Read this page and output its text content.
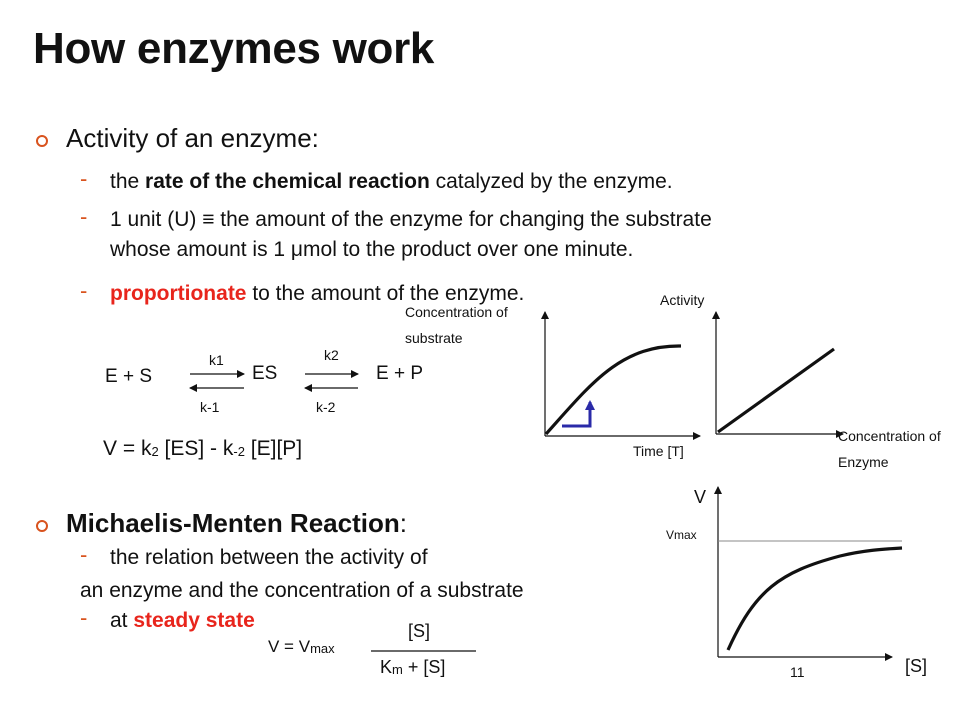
How enzymes work
Activity of an enzyme:
- the rate of the chemical reaction catalyzed by the enzyme.
- 1 unit (U) ≡ the amount of the enzyme for changing the substrate
whose amount is 1 μmol to the product over one minute.
- proportionate to the amount of the enzyme.
E + S	ES	E + P
k1
k-1
k2
k-2
$V = k_2$ $[ES] - k_{-2}$ [E][P]
Michaelis-Menten Reaction:
- the relation between the activity of
an enzyme and the concentration of a substrate
- at steady state
$V = V_{max}$
[S]
$K_m + [S]$
Concentration of
substrate
Time [T]
Activity
Concentration of
Enzyme
V
Vmax
[S]
11
